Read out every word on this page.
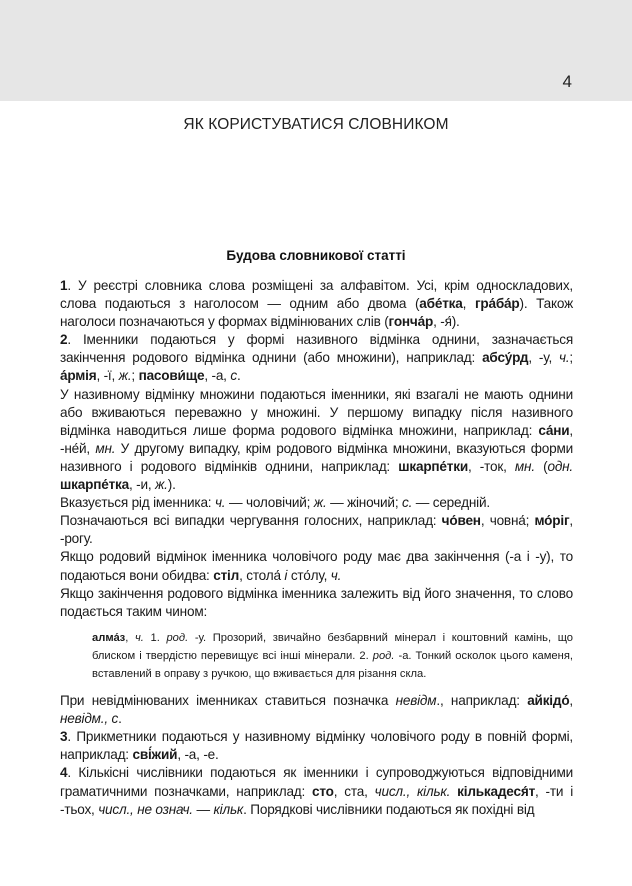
4
ЯК КОРИСТУВАТИСЯ СЛОВНИКОМ
Будова словникової статті

1. У реєстрі словника слова розміщені за алфавітом. Усі, крім односкладових, слова подаються з наголосом — одним або двома (абе́тка, гра́ба́р). Також наголоси позначаються у формах відмінюваних слів (гонча́р, -я́).

2. Іменники подаються у формі називного відмінка однини, зазначається закінчення родового відмінка однини (або множини), наприклад: абсу́рд, -у, ч.; а́рмія, -ї, ж.; пасови́ще, -а, с.

У називному відмінку множини подаються іменники, які взагалі не мають однини або вживаються переважно у множині. У першому випадку після називного відмінка наводиться лише форма родового відмінка множини, наприклад: са́ни, -не́й, мн. У другому випадку, крім родового відмінка множини, вказуються форми називного і родового відмінків однини, наприклад: шкарпе́тки, -ток, мн. (одн. шкарпе́тка, -и, ж.).

Вказується рід іменника: ч. — чоловічий; ж. — жіночий; с. — середній.

Позначаються всі випадки чергування голосних, наприклад: чо́вен, човна́; мо́ріг, -рогу.

Якщо родовий відмінок іменника чоловічого роду має два закінчення (-а і -у), то подаються вони обидва: стіл, стола́ і сто́лу, ч.

Якщо закінчення родового відмінка іменника залежить від його значення, то слово подається таким чином:

алма́з, ч. 1. род. -у. Прозорий, звичайно безбарвний мінерал і коштовний камінь, що блиском і твердістю перевищує всі інші мінерали. 2. род. -а. Тонкий осколок цього каменя, вставлений в оправу з ручкою, що вживається для різання скла.

При невідмінюваних іменниках ставиться позначка невідм., наприклад: айкідо́, невідм., с.

3. Прикметники подаються у називному відмінку чоловічого роду в повній формі, наприклад: сві́жий, -а, -е.

4. Кількісні числівники подаються як іменники і супроводжуються відповідними граматичними позначками, наприклад: сто, ста, числ., кільк. кількадеся́т, -ти і -тьох, числ., не означ. — кільк. Порядкові числівники подаються як похідні від
